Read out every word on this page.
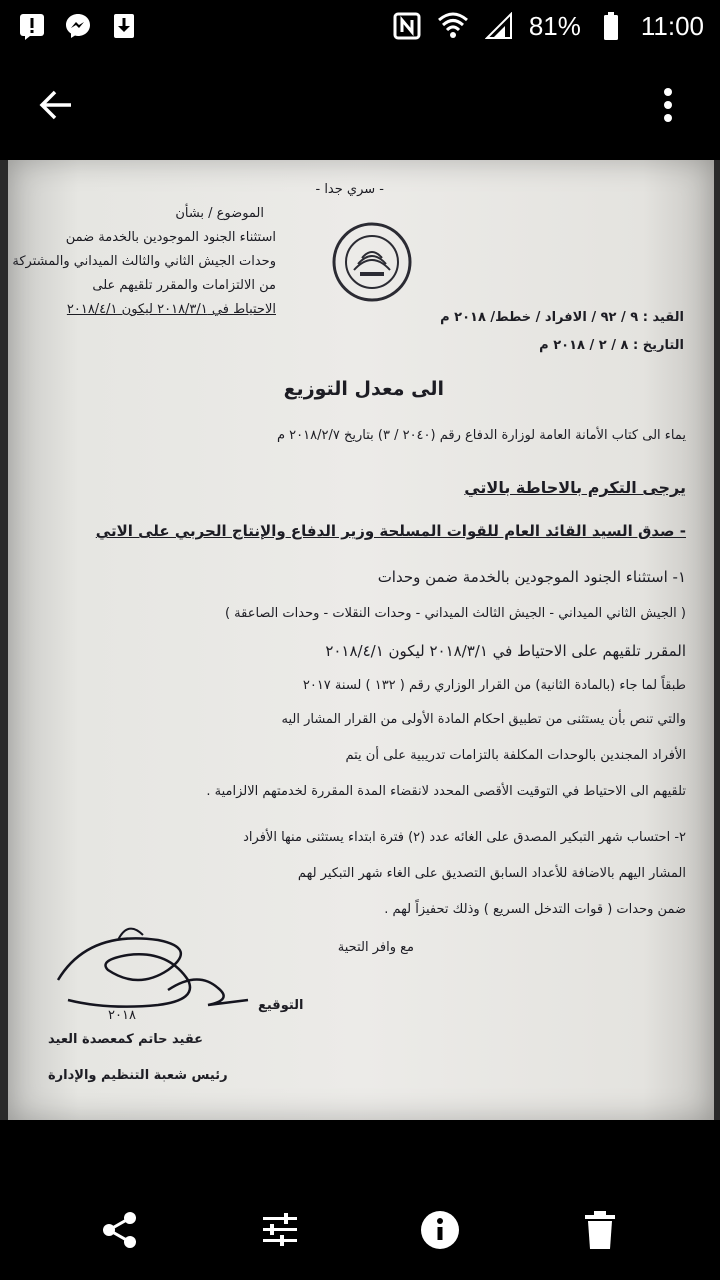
81% 11:00
- سري جدا -
الموضوع / بشأن
استثناء الجنود الموجودين بالخدمة ضمن
وحدات الجيش الثاني والثالث الميداني والمشتركة
من الالتزامات والمقرر تلقيهم على
الاحتياط في ٢٠١٨/٣/١ ليكون ٢٠١٨/٤/١
القيد : ٩ / ٩٢ / الافراد / خطط/ ٢٠١٨ م
التاريخ : ٨ / ٢ / ٢٠١٨ م
الى معدل التوزيع
يماء الى كتاب الأمانة العامة لوزارة الدفاع رقم (٢٠٤٠ / ٣) بتاريخ ٢٠١٨/٢/٧ م
يرجى التكرم بالاحاطة بالاتي
- صدق السيد القائد العام للقوات المسلحة وزير الدفاع والإنتاج الحربي على الاتي
١- استثناء الجنود الموجودين بالخدمة ضمن وحدات
( الجيش الثاني الميداني - الجيش الثالث الميداني - وحدات النقلات - وحدات الصاعقة )
المقرر تلقيهم على الاحتياط في ٢٠١٨/٣/١ ليكون ٢٠١٨/٤/١
طبقاً لما جاء (بالمادة الثانية) من القرار الوزاري رقم ( ١٣٢ ) لسنة ٢٠١٧
والتي تنص بأن يستثنى من تطبيق احكام المادة الأولى من القرار المشار اليه
الأفراد المجندين بالوحدات المكلفة بالتزامات تدريبية على أن يتم
تلقيهم الى الاحتياط في التوقيت الأقصى المحدد لانقضاء المدة المقررة لخدمتهم الالزامية .
٢- احتساب شهر التبكير المصدق على الغائه عدد (٢) فترة ابتداء يستثنى منها الأفراد
المشار اليهم بالاضافة للأعداد السابق التصديق على الغاء شهر التبكير لهم
ضمن وحدات ( قوات التدخل السريع ) وذلك تحفيزاً لهم .
مع وافر التحية
٢٠١٨
التوقيع
عقيد حاتم كمعصدة العيد
رئيس شعبة التنظيم والإدارة
